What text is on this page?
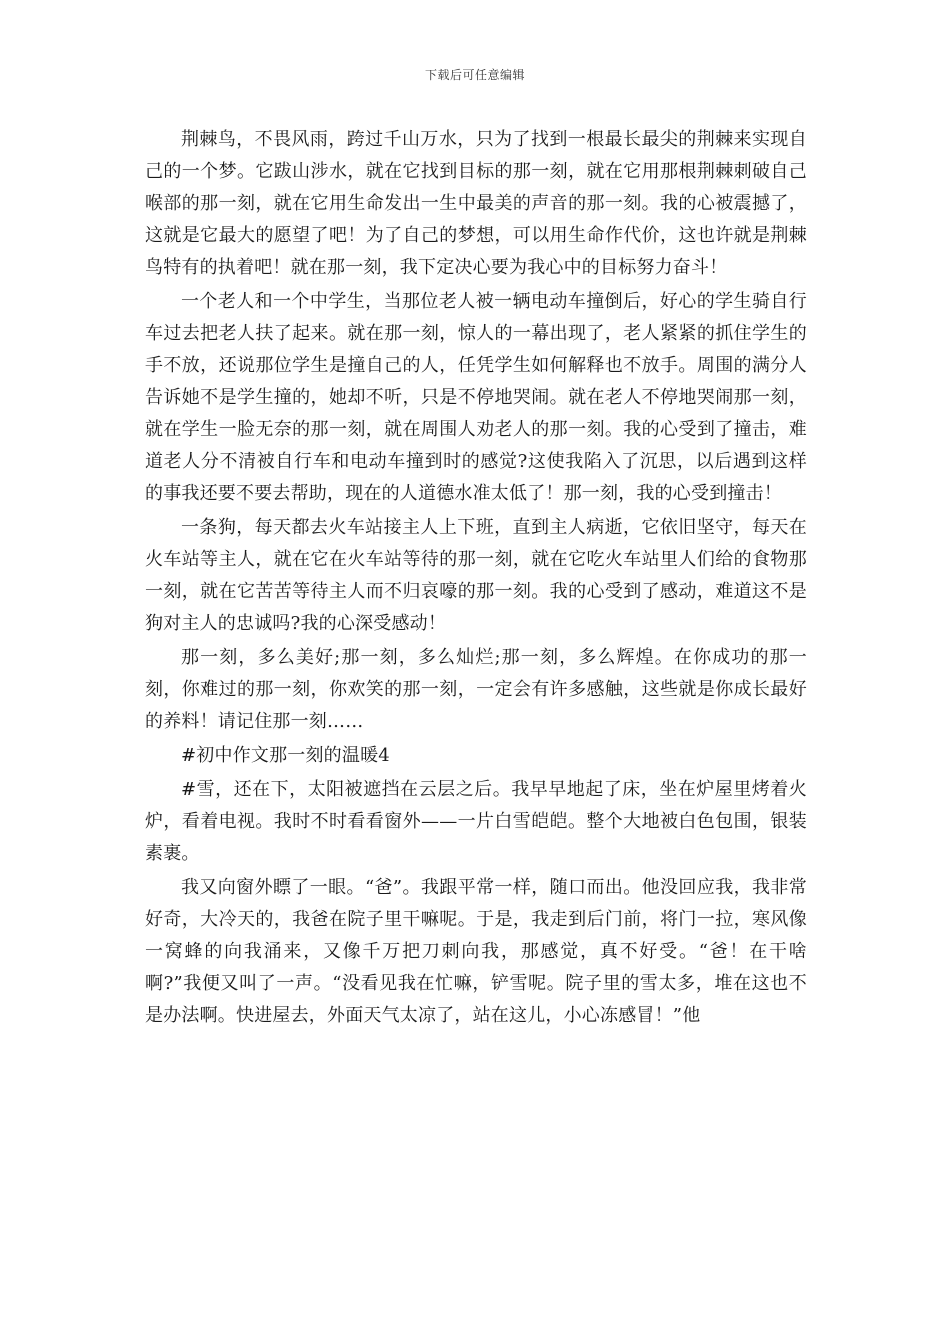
下载后可任意编辑

荆棘鸟，不畏风雨，跨过千山万水，只为了找到一根最长最尖的荆棘来实现自己的一个梦。它跋山涉水，就在它找到目标的那一刻，就在它用那根荆棘刺破自己喉部的那一刻，就在它用生命发出一生中最美的声音的那一刻。我的心被震撼了，这就是它最大的愿望了吧！为了自己的梦想，可以用生命作代价，这也许就是荆棘鸟特有的执着吧！就在那一刻，我下定决心要为我心中的目标努力奋斗！

一个老人和一个中学生，当那位老人被一辆电动车撞倒后，好心的学生骑自行车过去把老人扶了起来。就在那一刻，惊人的一幕出现了，老人紧紧的抓住学生的手不放，还说那位学生是撞自己的人，任凭学生如何解释也不放手。周围的满分人告诉她不是学生撞的，她却不听，只是不停地哭闹。就在老人不停地哭闹那一刻，就在学生一脸无奈的那一刻，就在周围人劝老人的那一刻。我的心受到了撞击，难道老人分不清被自行车和电动车撞到时的感觉?这使我陷入了沉思，以后遇到这样的事我还要不要去帮助，现在的人道德水准太低了！那一刻，我的心受到撞击！

一条狗，每天都去火车站接主人上下班，直到主人病逝，它依旧坚守，每天在火车站等主人，就在它在火车站等待的那一刻，就在它吃火车站里人们给的食物那一刻，就在它苦苦等待主人而不归哀嚎的那一刻。我的心受到了感动，难道这不是狗对主人的忠诚吗?我的心深受感动！

那一刻，多么美好;那一刻，多么灿烂;那一刻，多么辉煌。在你成功的那一刻，你难过的那一刻，你欢笑的那一刻，一定会有许多感触，这些就是你成长最好的养料！请记住那一刻……

#初中作文那一刻的温暖4

#雪，还在下，太阳被遮挡在云层之后。我早早地起了床，坐在炉屋里烤着火炉，看着电视。我时不时看看窗外——一片白雪皑皑。整个大地被白色包围，银装素裹。

我又向窗外瞟了一眼。“爸”。我跟平常一样，随口而出。他没回应我，我非常好奇，大冷天的，我爸在院子里干嘛呢。于是，我走到后门前，将门一拉，寒风像一窝蜂的向我涌来，又像千万把刀刺向我，那感觉，真不好受。“爸！在干啥啊?”我便又叫了一声。“没看见我在忙嘛，铲雪呢。院子里的雪太多，堆在这也不是办法啊。快进屋去，外面天气太凉了，站在这儿，小心冻感冒！”他
